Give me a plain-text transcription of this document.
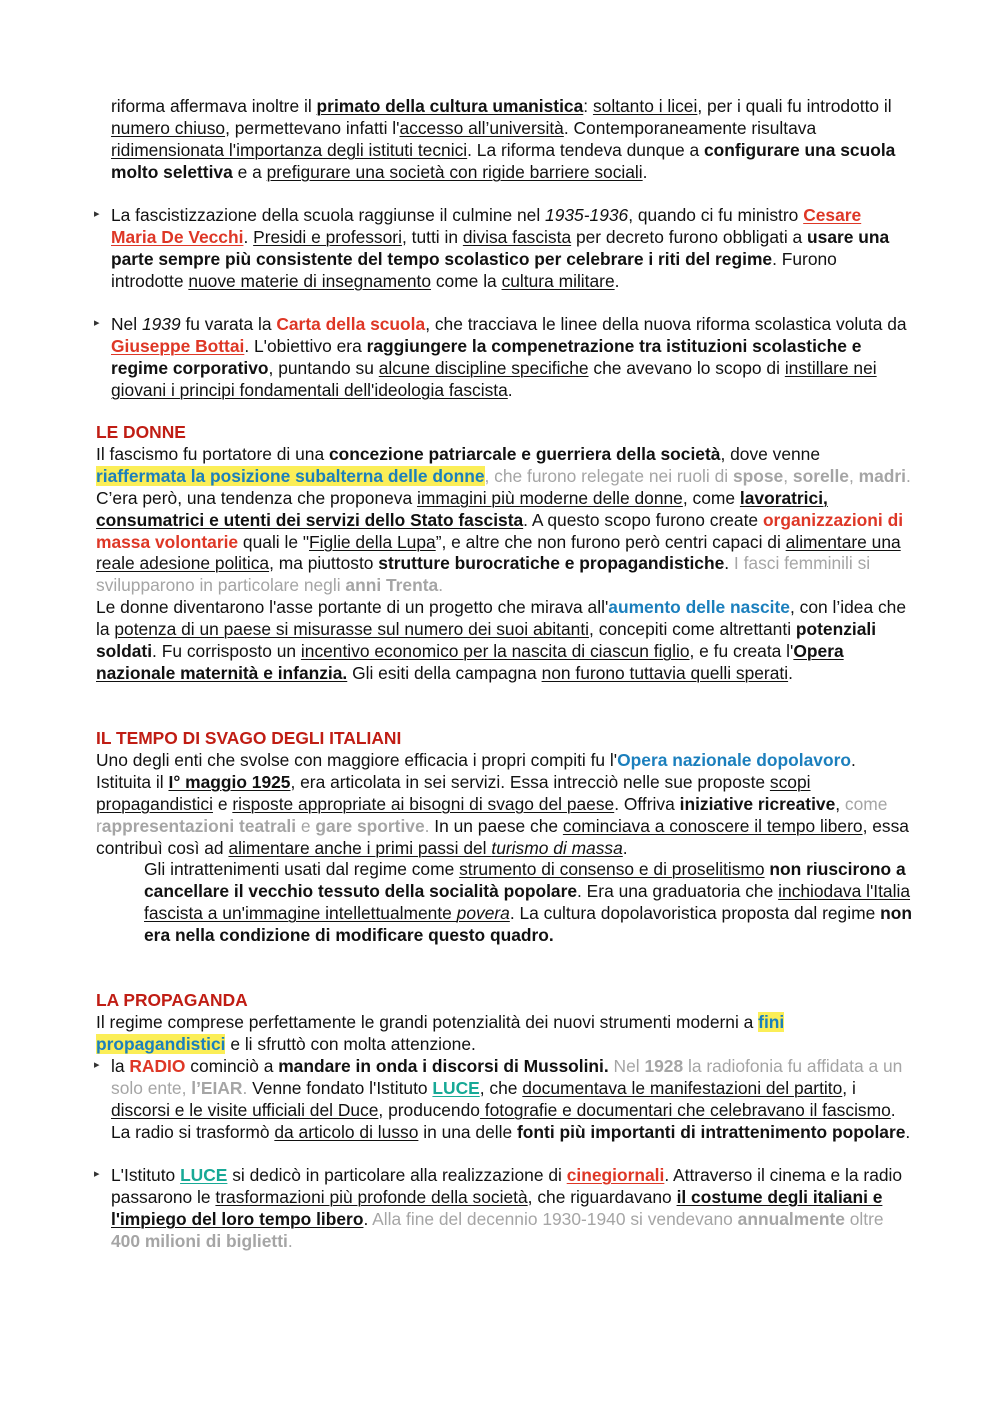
riforma affermava inoltre il primato della cultura umanistica: soltanto i licei, per i quali fu introdotto il numero chiuso, permettevano infatti l'accesso all’università. Contemporaneamente risultava ridimensionata l'importanza degli istituti tecnici. La riforma tendeva dunque a configurare una scuola molto selettiva e a prefigurare una società con rigide barriere sociali.

▸ La fascistizzazione della scuola raggiunse il culmine nel 1935-1936, quando ci fu ministro Cesare Maria De Vecchi. Presidi e professori, tutti in divisa fascista per decreto furono obbligati a usare una parte sempre più consistente del tempo scolastico per celebrare i riti del regime. Furono introdotte nuove materie di insegnamento come la cultura militare.

▸ Nel 1939 fu varata la Carta della scuola, che tracciava le linee della nuova riforma scolastica voluta da Giuseppe Bottai. L'obiettivo era raggiungere la compenetrazione tra istituzioni scolastiche e regime corporativo, puntando su alcune discipline specifiche che avevano lo scopo di instillare nei giovani i principi fondamentali dell'ideologia fascista.

LE DONNE

Il fascismo fu portatore di una concezione patriarcale e guerriera della società, dove venne riaffermata la posizione subalterna delle donne, che furono relegate nei ruoli di spose, sorelle, madri. C’era però, una tendenza che proponeva immagini più moderne delle donne, come lavoratrici, consumatrici e utenti dei servizi dello Stato fascista. A questo scopo furono create organizzazioni di massa volontarie quali le "Figlie della Lupa”, e altre che non furono però centri capaci di alimentare una reale adesione politica, ma piuttosto strutture burocratiche e propagandistiche. I fasci femminili si svilupparono in particolare negli anni Trenta.

Le donne diventarono l'asse portante di un progetto che mirava all'aumento delle nascite, con l’idea che la potenza di un paese si misurasse sul numero dei suoi abitanti, concepiti come altrettanti potenziali soldati. Fu corrisposto un incentivo economico per la nascita di ciascun figlio, e fu creata l'Opera nazionale maternità e infanzia. Gli esiti della campagna non furono tuttavia quelli sperati.

IL TEMPO DI SVAGO DEGLI ITALIANI

Uno degli enti che svolse con maggiore efficacia i propri compiti fu l'Opera nazionale dopolavoro. Istituita il I° maggio 1925, era articolata in sei servizi. Essa intrecciò nelle sue proposte scopi propagandistici e risposte appropriate ai bisogni di svago del paese. Offriva iniziative ricreative, come rappresentazioni teatrali e gare sportive. In un paese che cominciava a conoscere il tempo libero, essa contribuì così ad alimentare anche i primi passi del turismo di massa.

Gli intrattenimenti usati dal regime come strumento di consenso e di proselitismo non riuscirono a cancellare il vecchio tessuto della socialità popolare. Era una graduatoria che inchiodava l'Italia fascista a un'immagine intellettualmente povera. La cultura dopolavoristica proposta dal regime non era nella condizione di modificare questo quadro.

LA PROPAGANDA

Il regime comprese perfettamente le grandi potenzialità dei nuovi strumenti moderni a fini propagandistici e li sfruttò con molta attenzione.

▸ la RADIO cominciò a mandare in onda i discorsi di Mussolini. Nel 1928 la radiofonia fu affidata a un solo ente, l’EIAR. Venne fondato l'Istituto LUCE, che documentava le manifestazioni del partito, i discorsi e le visite ufficiali del Duce, producendo fotografie e documentari che celebravano il fascismo. La radio si trasformò da articolo di lusso in una delle fonti più importanti di intrattenimento popolare.

▸ L'Istituto LUCE si dedicò in particolare alla realizzazione di cinegiornali. Attraverso il cinema e la radio passarono le trasformazioni più profonde della società, che riguardavano il costume degli italiani e l'impiego del loro tempo libero. Alla fine del decennio 1930-1940 si vendevano annualmente oltre 400 milioni di biglietti.
